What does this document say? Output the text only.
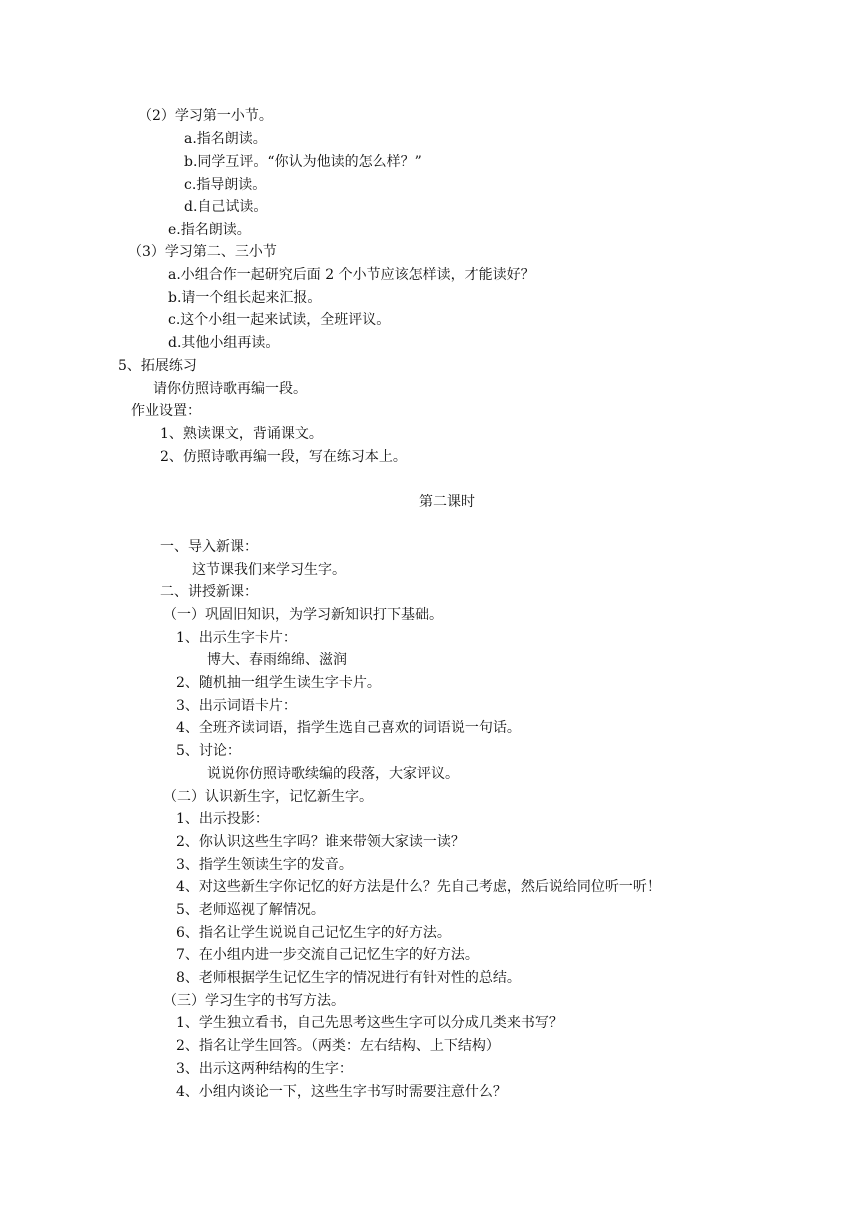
（2）学习第一小节。
a.指名朗读。
b.同学互评。“你认为他读的怎么样？”
c.指导朗读。
d.自己试读。
e.指名朗读。
（3）学习第二、三小节
a.小组合作一起研究后面 2 个小节应该怎样读，才能读好？
b.请一个组长起来汇报。
c.这个小组一起来试读，全班评议。
d.其他小组再读。
5、拓展练习
请你仿照诗歌再编一段。
作业设置：
1、熟读课文，背诵课文。
2、仿照诗歌再编一段，写在练习本上。
第二课时
一、导入新课：
这节课我们来学习生字。
二、讲授新课：
（一）巩固旧知识，为学习新知识打下基础。
1、出示生字卡片：
博大、春雨绵绵、滋润
2、随机抽一组学生读生字卡片。
3、出示词语卡片：
4、全班齐读词语，指学生选自己喜欢的词语说一句话。
5、讨论：
说说你仿照诗歌续编的段落，大家评议。
（二）认识新生字，记忆新生字。
1、出示投影：
2、你认识这些生字吗？谁来带领大家读一读？
3、指学生领读生字的发音。
4、对这些新生字你记忆的好方法是什么？先自己考虑，然后说给同位听一听！
5、老师巡视了解情况。
6、指名让学生说说自己记忆生字的好方法。
7、在小组内进一步交流自己记忆生字的好方法。
8、老师根据学生记忆生字的情况进行有针对性的总结。
（三）学习生字的书写方法。
1、学生独立看书，自己先思考这些生字可以分成几类来书写？
2、指名让学生回答。（两类：左右结构、上下结构）
3、出示这两种结构的生字：
4、小组内谈论一下，这些生字书写时需要注意什么？
